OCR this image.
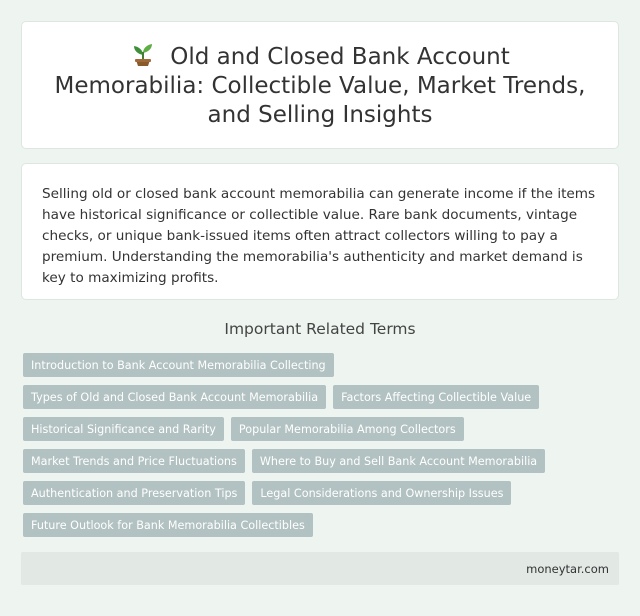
Old and Closed Bank Account Memorabilia: Collectible Value, Market Trends, and Selling Insights

Selling old or closed bank account memorabilia can generate income if the items have historical significance or collectible value. Rare bank documents, vintage checks, or unique bank-issued items often attract collectors willing to pay a premium. Understanding the memorabilia's authenticity and market demand is key to maximizing profits.

Important Related Terms
Introduction to Bank Account Memorabilia Collecting
Types of Old and Closed Bank Account Memorabilia	Factors Affecting Collectible Value
Historical Significance and Rarity	Popular Memorabilia Among Collectors
Market Trends and Price Fluctuations	Where to Buy and Sell Bank Account Memorabilia
Authentication and Preservation Tips	Legal Considerations and Ownership Issues
Future Outlook for Bank Memorabilia Collectibles
moneytar.com
